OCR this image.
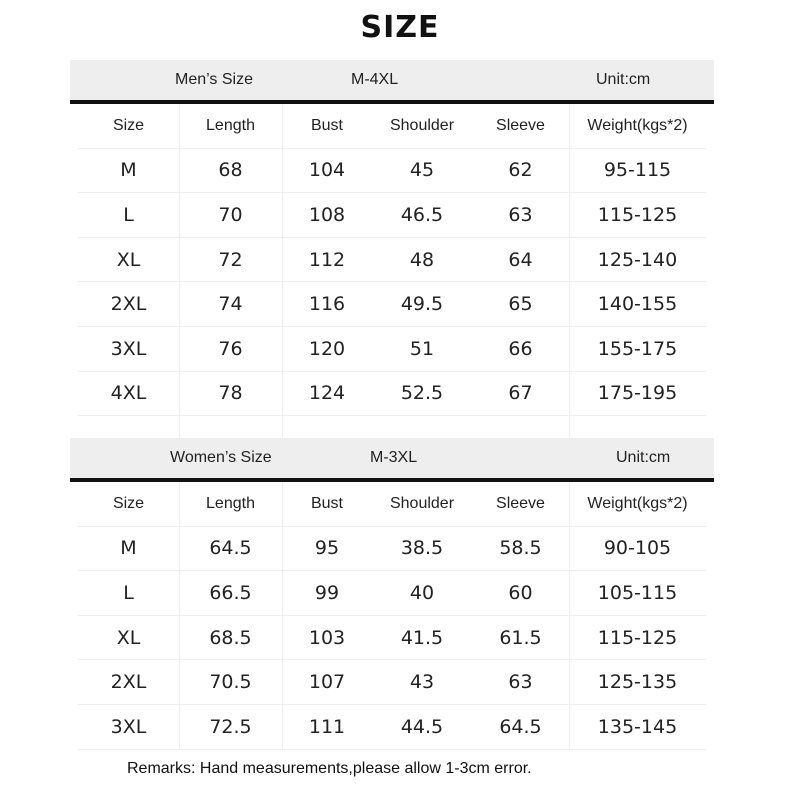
SIZE
Men’s Size	M-4XL	Unit:cm
Size	Length	Bust	Shoulder	Sleeve	Weight(kgs*2)
M	68	104	45	62	95-115
L	70	108	46.5	63	115-125
XL	72	112	48	64	125-140
2XL	74	116	49.5	65	140-155
3XL	76	120	51	66	155-175
4XL	78	124	52.5	67	175-195
Women’s Size	M-3XL	Unit:cm
Size	Length	Bust	Shoulder	Sleeve	Weight(kgs*2)
M	64.5	95	38.5	58.5	90-105
L	66.5	99	40	60	105-115
XL	68.5	103	41.5	61.5	115-125
2XL	70.5	107	43	63	125-135
3XL	72.5	111	44.5	64.5	135-145
Remarks: Hand measurements,please allow 1-3cm error.
